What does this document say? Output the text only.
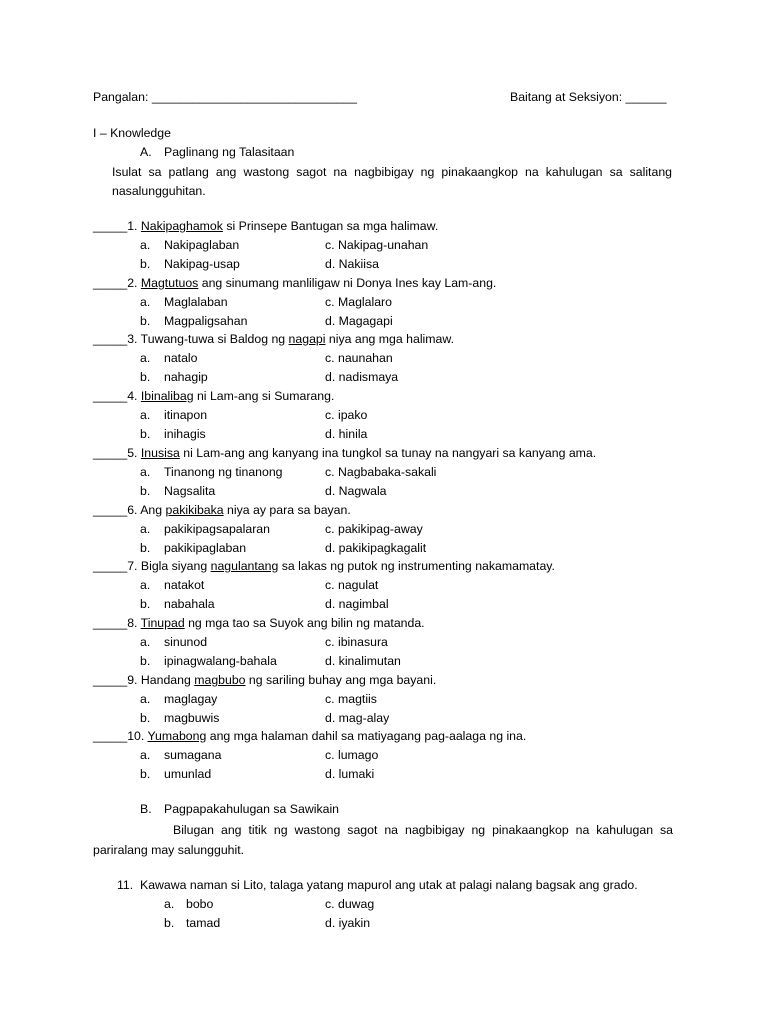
Pangalan: ______________________________	Baitang at Seksiyon: ______
I – Knowledge
A. Paglinang ng Talasitaan
Isulat sa patlang ang wastong sagot na nagbibigay ng pinakaangkop na kahulugan sa salitang nasalungguhitan.
_____1. Nakipaghamok si Prinsepe Bantugan sa mga halimaw.
a. Nakipaglaban
b. Nakipag-usap
c. Nakipag-unahan
d. Nakiisa
_____2. Magtutuos ang sinumang manliligaw ni Donya Ines kay Lam-ang.
a. Maglalaban
b. Magpaligsahan
c. Maglalaro
d. Magagapi
_____3. Tuwang-tuwa si Baldog ng nagapi niya ang mga halimaw.
a. natalo
b. nahagip
c. naunahan
d. nadismaya
_____4. Ibinalibag ni Lam-ang si Sumarang.
a. itinapon
b. inihagis
c. ipako
d. hinila
_____5. Inusisa ni Lam-ang ang kanyang ina tungkol sa tunay na nangyari sa kanyang ama.
a. Tinanong ng tinanong
b. Nagsalita
c. Nagbabaka-sakali
d. Nagwala
_____6. Ang pakikibaka niya ay para sa bayan.
a. pakikipagsapalaran
b. pakikipaglaban
c. pakikipag-away
d. pakikipagkagalit
_____7. Bigla siyang nagulantang sa lakas ng putok ng instrumenting nakamamatay.
a. natakot
b. nabahala
c. nagulat
d. nagimbal
_____8. Tinupad ng mga tao sa Suyok ang bilin ng matanda.
a. sinunod
b. ipinagwalang-bahala
c. ibinasura
d. kinalimutan
_____9. Handang magbubo ng sariling buhay ang mga bayani.
a. maglagay
b. magbuwis
c. magtiis
d. mag-alay
_____10. Yumabong ang mga halaman dahil sa matiyagang pag-aalaga ng ina.
a. sumagana
b. umunlad
c. lumago
d. lumaki
B. Pagpapakahulugan sa Sawikain
Bilugan ang titik ng wastong sagot na nagbibigay ng pinakaangkop na kahulugan sa pariralang may salungguhit.
11. Kawawa naman si Lito, talaga yatang mapurol ang utak at palagi nalang bagsak ang grado.
a. bobo
b. tamad
c. duwag
d. iyakin
